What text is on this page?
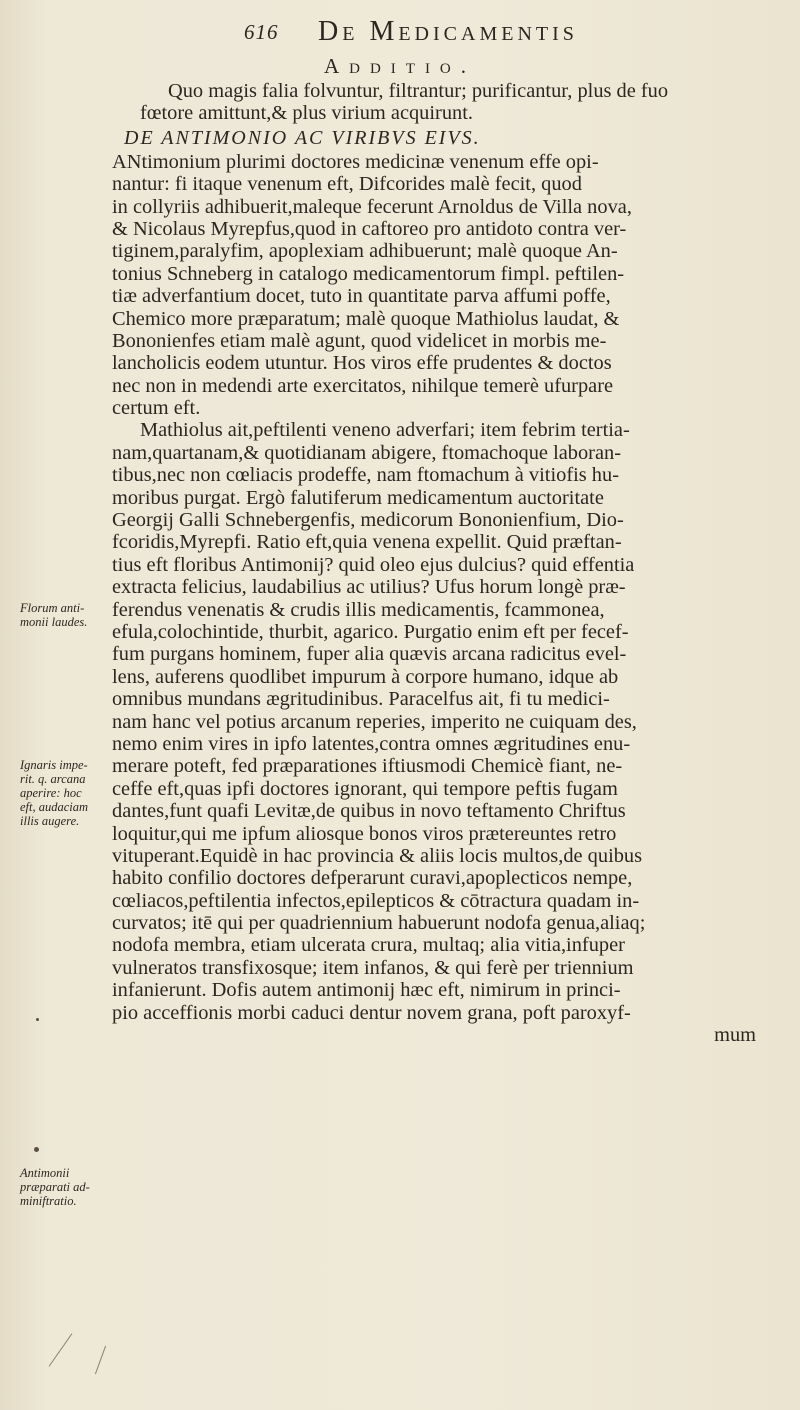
616 De Medicamentis
Additio.
Quo magis falia folvuntur, filtrantur; purificantur, plus de fuo
fœtore amittunt,& plus virium acquirunt.
DE ANTIMONIO AC VIRIBVS EIVS.
ANtimonium plurimi doctores medicinæ venenum effe opi-
nantur: fi itaque venenum eft, Difcorides malè fecit, quod
in collyriis adhibuerit,maleque fecerunt Arnoldus de Villa nova,
& Nicolaus Myrepfus,quod in caftoreo pro antidoto contra ver-
tiginem,paralyfim, apoplexiam adhibuerunt; malè quoque An-
tonius Schneberg in catalogo medicamentorum fimpl. peftilen-
tiæ adverfantium docet, tuto in quantitate parva affumi poffe,
Chemico more præparatum; malè quoque Mathiolus laudat, &
Bononienfes etiam malè agunt, quod videlicet in morbis me-
lancholicis eodem utuntur. Hos viros effe prudentes & doctos
nec non in medendi arte exercitatos, nihilque temerè ufurpare
certum eft.
Mathiolus ait,peftilenti veneno adverfari; item febrim tertia-
nam,quartanam,& quotidianam abigere, ftomachoque laboran-
tibus,nec non cœliacis prodeffe, nam ftomachum à vitiofis hu-
moribus purgat. Ergò falutiferum medicamentum auctoritate
Georgij Galli Schnebergenfis, medicorum Bononienfium, Dio-
fcoridis,Myrepfi. Ratio eft,quia venena expellit. Quid præftan-
tius eft floribus Antimonij? quid oleo ejus dulcius? quid effentia
extracta felicius, laudabilius ac utilius? Ufus horum longè præ-
ferendus venenatis & crudis illis medicamentis, fcammonea,
efula,colochintide, thurbit, agarico. Purgatio enim eft per fecef-
fum purgans hominem, fuper alia quævis arcana radicitus evel-
lens, auferens quodlibet impurum à corpore humano, idque ab
omnibus mundans ægritudinibus. Paracelfus ait, fi tu medici-
nam hanc vel potius arcanum reperies, imperito ne cuiquam des,
nemo enim vires in ipfo latentes,contra omnes ægritudines enu-
merare poteft, fed præparationes iftiusmodi Chemicè fiant, ne-
ceffe eft,quas ipfi doctores ignorant, qui tempore peftis fugam
dantes,funt quafi Levitæ,de quibus in novo teftamento Chriftus
loquitur,qui me ipfum aliosque bonos viros prætereuntes retro
vituperant.Equidè in hac provincia & aliis locis multos,de quibus
habito confilio doctores defperarunt curavi,apoplecticos nempe,
cœliacos,peftilentia infectos,epilepticos & cōtractura quadam in-
curvatos; itē qui per quadriennium habuerunt nodofa genua,aliaq;
nodofa membra, etiam ulcerata crura, multaq; alia vitia,infuper
vulneratos transfixosque; item infanos, & qui ferè per triennium
infanierunt. Dofis autem antimonij hæc eft, nimirum in princi-
pio acceffionis morbi caduci dentur novem grana, poft paroxyf-
mum
Florum anti-
monii laudes.
Ignaris impe-
rit. q. arcana
aperire: hoc
eft, audaciam
illis augere.
Antimonii
præparati ad-
miniftratio.
